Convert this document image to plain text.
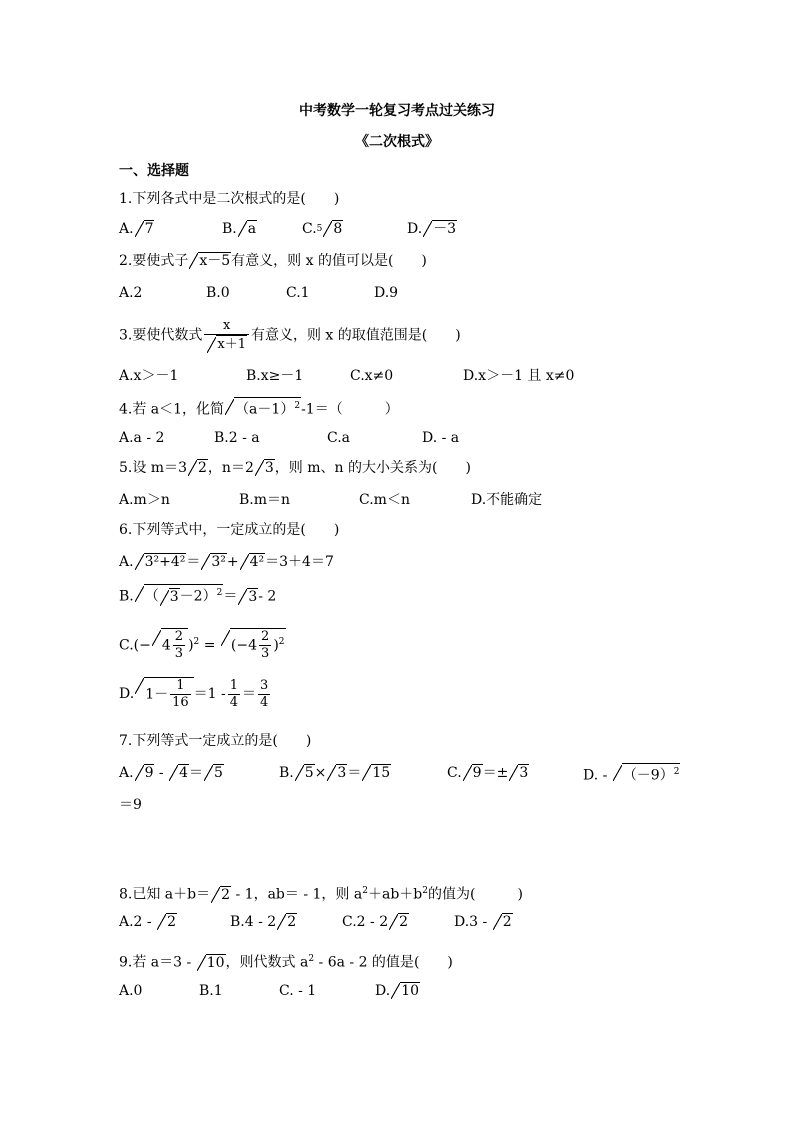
中考数学一轮复习考点过关练习
《二次根式》
一、选择题
1.下列各式中是二次根式的是(　　)
A. 7	B. a	C.$^5$ 8	D. －3
2.要使式子 x－5有意义，则 x 的值可以是(　　)
A.2	B.0	C.1	D.9
3.要使代数式 $\frac{x}{x+1}$ 有意义，则 x 的取值范围是(　　)
A.x＞－1	B.x≥－1	C.x≠0	D.x＞－1 且 x≠0
4.若 a＜1，化简 $(a-1)^2-1=$（　　　）
A.a - 2	B.2 - a	C.a	D. - a
5.设 m＝3 2，n＝2 3，则 m、n 的大小关系为(　　)
A.m＞n	B.m＝n	C.m＜n	D.不能确定
6.下列等式中，一定成立的是(　　)
A. 3²+4²＝ 3²+ 4²＝3＋4＝7
B. （ 3－2）$^2$＝ 3- 2
$C.(- 4 \frac{2}{3} )^2 = (-4 \frac{2}{3} )^2$
D. $1- \frac{1}{16} =1 - \frac{1}{4} = \frac{3}{4}$
7.下列等式一定成立的是(　　)
A. 9 - 4＝ 5	B. 5× 3＝ 15	C. 9＝± 3	D. - $(-9)^2$
＝9
8.已知 a＋b＝ 2 - 1，ab＝ - 1，则 $a^2+ab+b^2$的值为(　　　)
A.2 - 2	B.4 - 2 2	C.2 - 2 2	D.3 - 2
9.若 a＝3 - 10，则代数式 $a^2 - 6a - 2$ 的值是(　　)
A.0	B.1	C. - 1	D. 10
